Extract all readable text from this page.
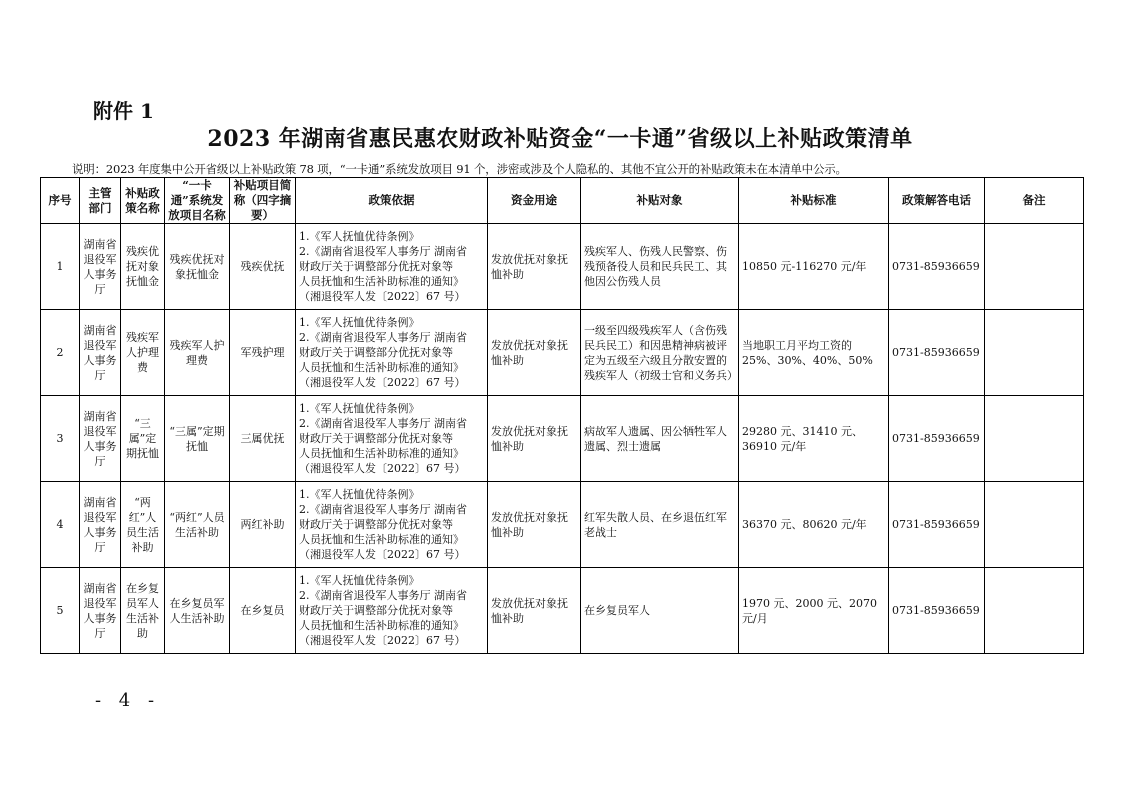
附件 1
2023 年湖南省惠民惠农财政补贴资金“一卡通”省级以上补贴政策清单
说明：2023 年度集中公开省级以上补贴政策 78 项，“一卡通”系统发放项目 91 个，涉密或涉及个人隐私的、其他不宜公开的补贴政策未在本清单中公示。
序号	主管部门	补贴政策名称	“一卡通”系统发放项目名称	补贴项目简称（四字摘要）	政策依据	资金用途	补贴对象	补贴标准	政策解答电话	备注
1	湖南省退役军人事务厅	残疾优抚对象抚恤金	残疾优抚对象抚恤金	残疾优抚	1.《军人抚恤优待条例》
2.《湖南省退役军人事务厅 湖南省
财政厅关于调整部分优抚对象等
人员抚恤和生活补助标准的通知》
（湘退役军人发〔2022〕67 号）	发放优抚对象抚恤补助	残疾军人、伤残人民警察、伤残预备役人员和民兵民工、其他因公伤残人员	10850 元-116270 元/年	0731-85936659	
2	湖南省退役军人事务厅	残疾军人护理费	残疾军人护理费	军残护理	1.《军人抚恤优待条例》
2.《湖南省退役军人事务厅 湖南省
财政厅关于调整部分优抚对象等
人员抚恤和生活补助标准的通知》
（湘退役军人发〔2022〕67 号）	发放优抚对象抚恤补助	一级至四级残疾军人（含伤残民兵民工）和因患精神病被评定为五级至六级且分散安置的残疾军人（初级士官和义务兵）	当地职工月平均工资的 25%、30%、40%、50%	0731-85936659	
3	湖南省退役军人事务厅	“三属”定期抚恤	“三属”定期抚恤	三属优抚	1.《军人抚恤优待条例》
2.《湖南省退役军人事务厅 湖南省
财政厅关于调整部分优抚对象等
人员抚恤和生活补助标准的通知》
（湘退役军人发〔2022〕67 号）	发放优抚对象抚恤补助	病故军人遗属、因公牺牲军人遗属、烈士遗属	29280 元、31410 元、36910 元/年	0731-85936659	
4	湖南省退役军人事务厅	“两红”人员生活补助	“两红”人员生活补助	两红补助	1.《军人抚恤优待条例》
2.《湖南省退役军人事务厅 湖南省
财政厅关于调整部分优抚对象等
人员抚恤和生活补助标准的通知》
（湘退役军人发〔2022〕67 号）	发放优抚对象抚恤补助	红军失散人员、在乡退伍红军老战士	36370 元、80620 元/年	0731-85936659	
5	湖南省退役军人事务厅	在乡复员军人生活补助	在乡复员军人生活补助	在乡复员	1.《军人抚恤优待条例》
2.《湖南省退役军人事务厅 湖南省
财政厅关于调整部分优抚对象等
人员抚恤和生活补助标准的通知》
（湘退役军人发〔2022〕67 号）	发放优抚对象抚恤补助	在乡复员军人	1970 元、2000 元、2070 元/月	0731-85936659	
- 4 -
